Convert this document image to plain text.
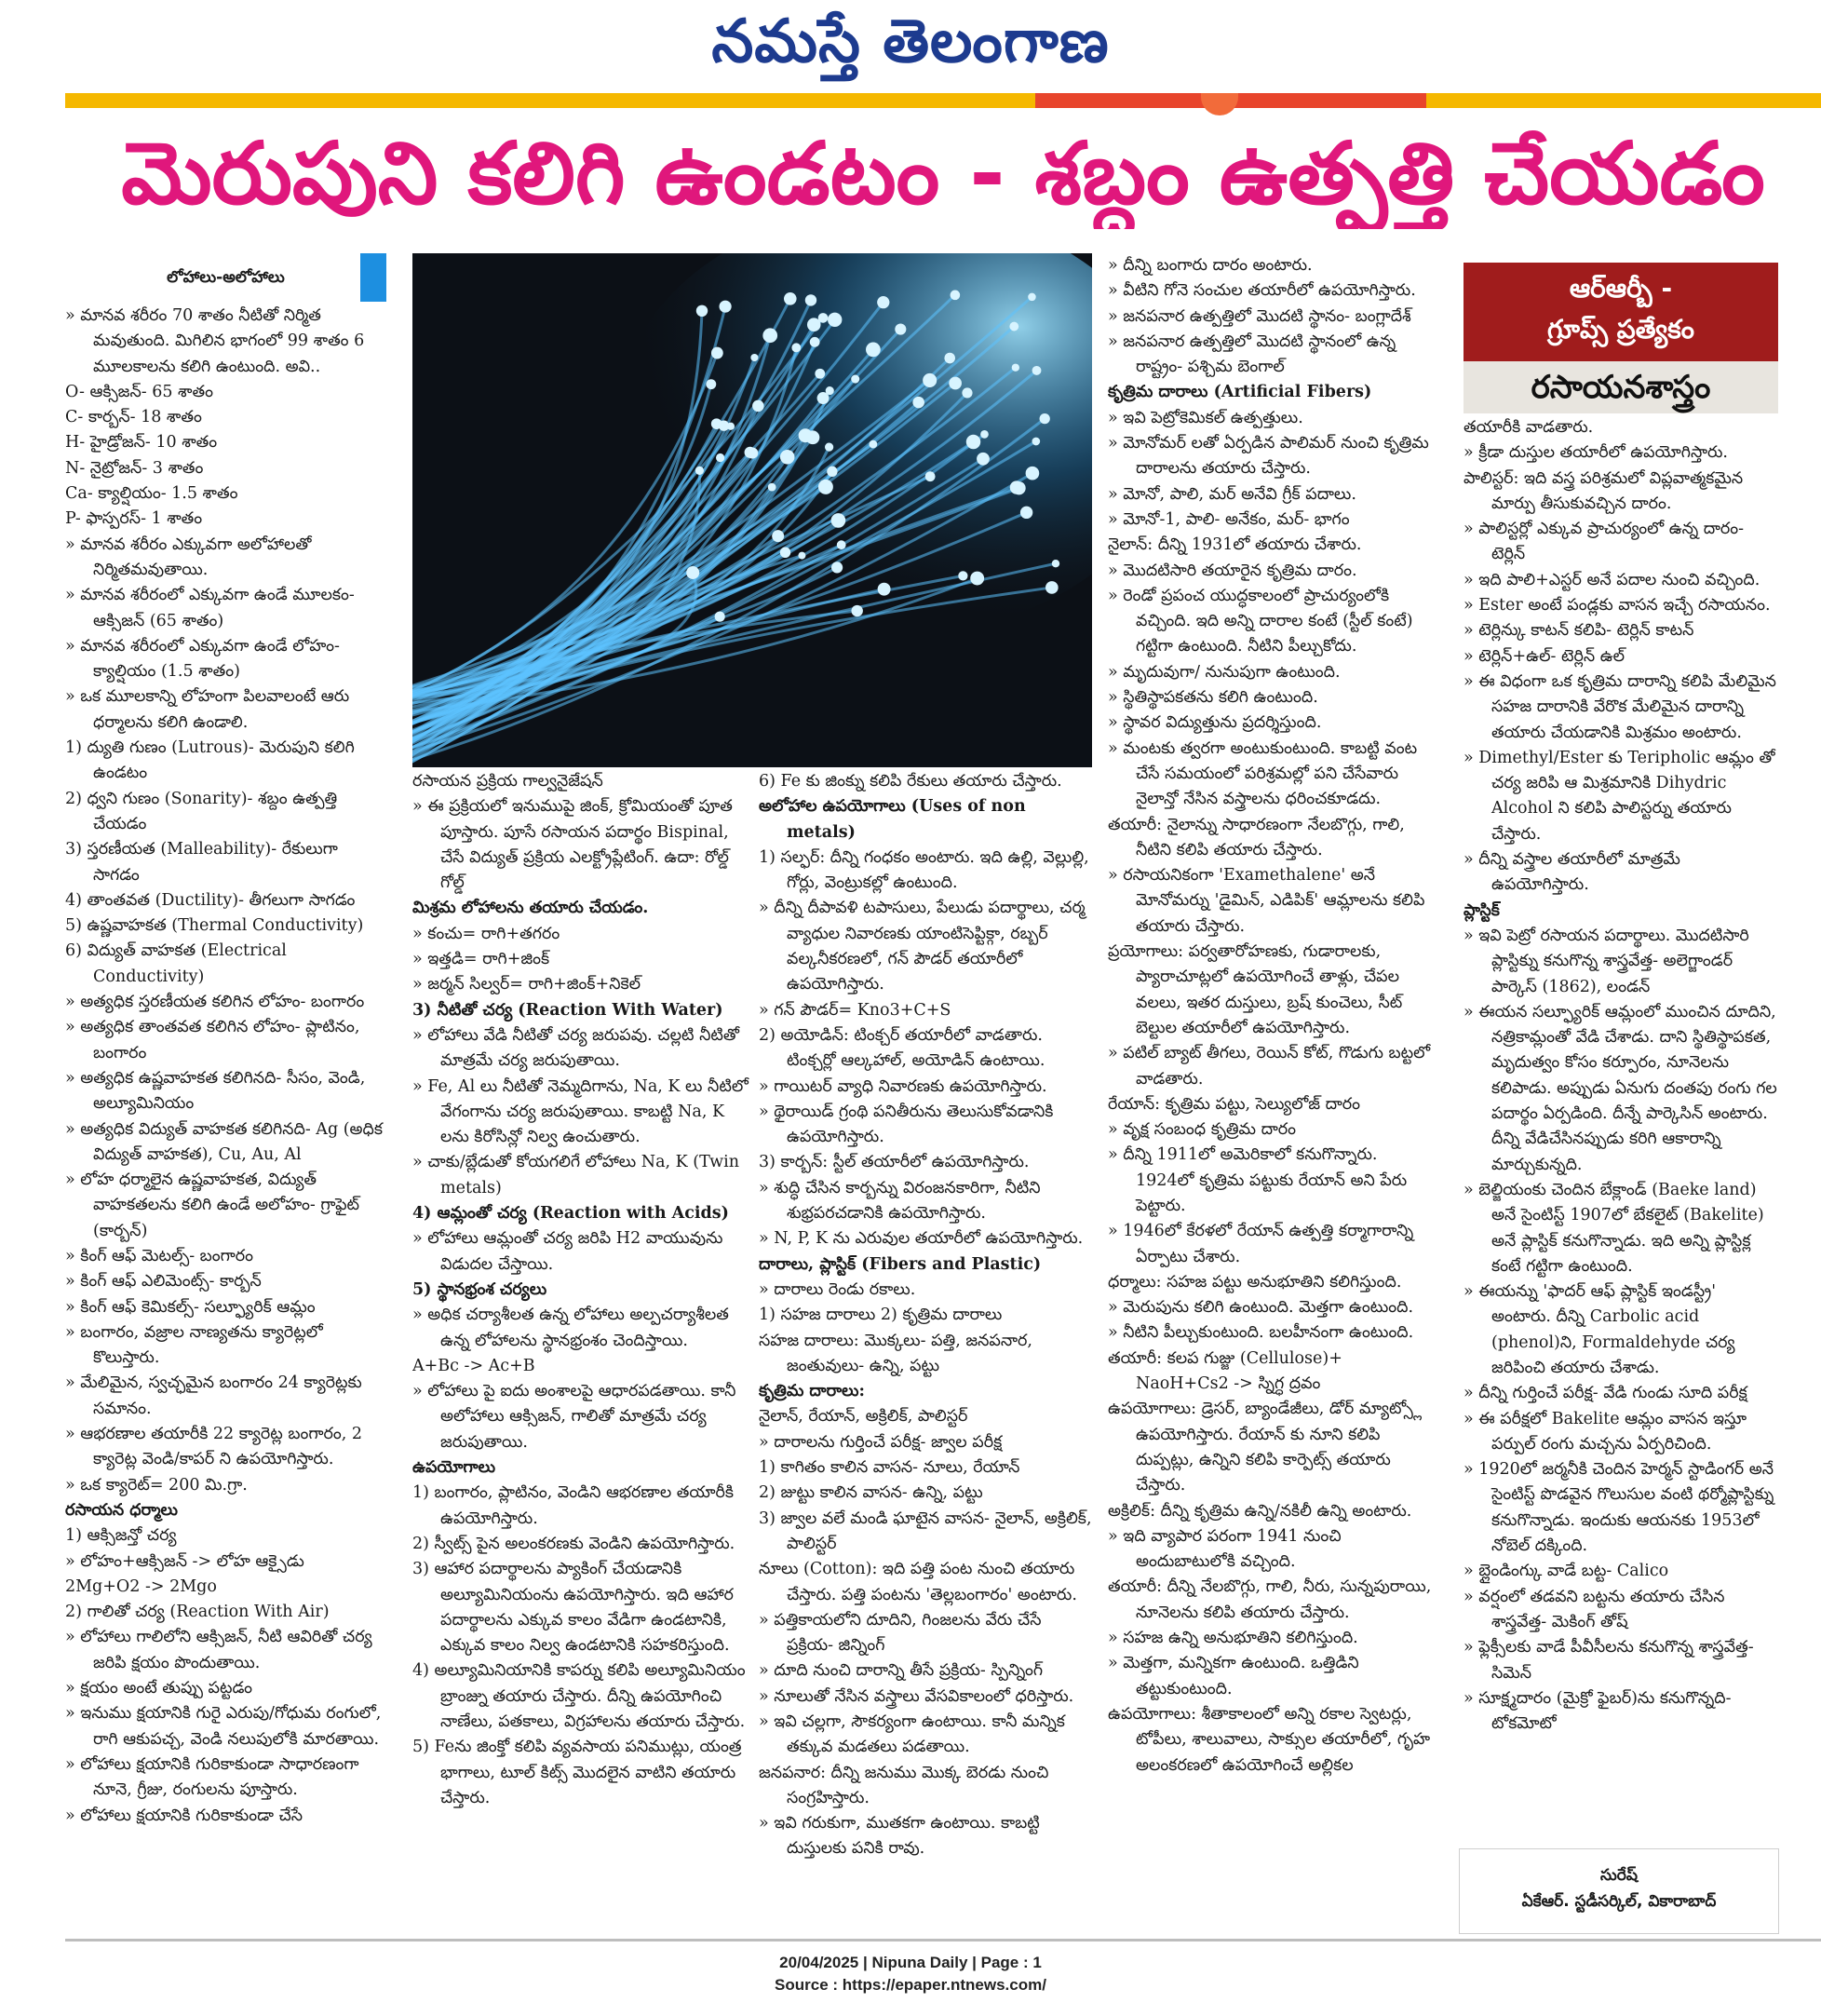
నమస్తే తెలంగాణ
మెరుపుని కలిగి ఉండటం - శబ్దం ఉత్పత్తి చేయడం
లోహాలు-అలోహాలు

» మానవ శరీరం 70 శాతం నీటితో నిర్మిత మవుతుంది. మిగిలిన భాగంలో 99 శాతం 6 మూలకాలను కలిగి ఉంటుంది. అవి..

O- ఆక్సిజన్- 65 శాతం

C- కార్బన్- 18 శాతం

H- హైడ్రోజన్- 10 శాతం

N- నైట్రోజన్- 3 శాతం

Ca- క్యాల్షియం- 1.5 శాతం

P- ఫాస్పరస్- 1 శాతం

» మానవ శరీరం ఎక్కువగా అలోహాలతో నిర్మితమవుతాయి.

» మానవ శరీరంలో ఎక్కువగా ఉండే మూలకం- ఆక్సిజన్ (65 శాతం)

» మానవ శరీరంలో ఎక్కువగా ఉండే లోహం- క్యాల్షియం (1.5 శాతం)

» ఒక మూలకాన్ని లోహంగా పిలవాలంటే ఆరు ధర్మాలను కలిగి ఉండాలి.

1) ద్యుతి గుణం (Lutrous)- మెరుపుని కలిగి ఉండటం

2) ధ్వని గుణం (Sonarity)- శబ్దం ఉత్పత్తి చేయడం

3) స్తరణీయత (Malleability)- రేకులుగా సాగడం

4) తాంతవత (Ductility)- తీగలుగా సాగడం

5) ఉష్ణవాహకత (Thermal Conductivity)

6) విద్యుత్ వాహకత (Electrical Conductivity)

» అత్యధిక స్తరణీయత కలిగిన లోహం- బంగారం

» అత్యధిక తాంతవత కలిగిన లోహం- ప్లాటినం, బంగారం

» అత్యధిక ఉష్ణవాహకత కలిగినది- సీసం, వెండి, అల్యూమినియం

» అత్యధిక విద్యుత్ వాహకత కలిగినది- Ag (అధిక విద్యుత్ వాహకత), Cu, Au, Al

» లోహ ధర్మాలైన ఉష్ణవాహకత, విద్యుత్ వాహకతలను కలిగి ఉండే అలోహం- గ్రాఫైట్ (కార్బన్)

» కింగ్ ఆఫ్ మెటల్స్- బంగారం

» కింగ్ ఆఫ్ ఎలిమెంట్స్- కార్బన్

» కింగ్ ఆఫ్ కెమికల్స్- సల్ఫ్యూరిక్ ఆమ్లం

» బంగారం, వజ్రాల నాణ్యతను క్యారెట్లలో కొలుస్తారు.

» మేలిమైన, స్వచ్ఛమైన బంగారం 24 క్యారెట్లకు సమానం.

» ఆభరణాల తయారీకి 22 క్యారెట్ల బంగారం, 2 క్యారెట్ల వెండి/కాపర్ ని ఉపయోగిస్తారు.

» ఒక క్యారెట్= 200 మి.గ్రా.

రసాయన ధర్మాలు

1) ఆక్సిజన్తో చర్య

» లోహం+ఆక్సిజన్ -> లోహ ఆక్సైడు

2Mg+O2 -> 2Mgo

2) గాలితో చర్య (Reaction With Air)

» లోహాలు గాలిలోని ఆక్సిజన్, నీటి ఆవిరితో చర్య జరిపి క్షయం పొందుతాయి.

» క్షయం అంటే తుప్పు పట్టడం

» ఇనుము క్షయానికి గురై ఎరుపు/గోధుమ రంగులో, రాగి ఆకుపచ్చ, వెండి నలుపులోకి మారతాయి.

» లోహాలు క్షయానికి గురికాకుండా సాధారణంగా నూనె, గ్రీజు, రంగులను పూస్తారు.

» లోహాలు క్షయానికి గురికాకుండా చేసే

రసాయన ప్రక్రియ గాల్వనైజేషన్

» ఈ ప్రక్రియలో ఇనుముపై జింక్, క్రోమియంతో పూత పూస్తారు. పూసే రసాయన పదార్థం Bispinal, చేసే విద్యుత్ ప్రక్రియ ఎలక్ట్రోప్లేటింగ్. ఉదా: రోల్డ్ గోల్డ్

మిశ్రమ లోహాలను తయారు చేయడం.

» కంచు= రాగి+తగరం

» ఇత్తడి= రాగి+జింక్

» జర్మన్ సిల్వర్= రాగి+జింక్+నికెల్

3) నీటితో చర్య (Reaction With Water)

» లోహాలు వేడి నీటితో చర్య జరుపవు. చల్లటి నీటితో మాత్రమే చర్య జరుపుతాయి.

» Fe, Al లు నీటితో నెమ్మదిగాను, Na, K లు నీటిలో వేగంగాను చర్య జరుపుతాయి. కాబట్టి Na, K లను కిరోసిన్లో నిల్వ ఉంచుతారు.

» చాకు/బ్లేడుతో కోయగలిగే లోహాలు Na, K (Twin metals)

4) ఆమ్లంతో చర్య (Reaction with Acids)

» లోహాలు ఆమ్లంతో చర్య జరిపి H2 వాయువును విడుదల చేస్తాయి.

5) స్థానభ్రంశ చర్యలు

» అధిక చర్యాశీలత ఉన్న లోహాలు అల్పచర్యాశీలత ఉన్న లోహాలను స్థానభ్రంశం చెందిస్తాయి.

A+Bc -> Ac+B

» లోహాలు పై ఐదు అంశాలపై ఆధారపడతాయి. కానీ అలోహాలు ఆక్సిజన్, గాలితో మాత్రమే చర్య జరుపుతాయి.

ఉపయోగాలు

1) బంగారం, ప్లాటినం, వెండిని ఆభరణాల తయారీకి ఉపయోగిస్తారు.

2) స్వీట్స్ పైన అలంకరణకు వెండిని ఉపయోగిస్తారు.

3) ఆహార పదార్థాలను ప్యాకింగ్ చేయడానికి అల్యూమినియంను ఉపయోగిస్తారు. ఇది ఆహార పదార్థాలను ఎక్కువ కాలం వేడిగా ఉండటానికి, ఎక్కువ కాలం నిల్వ ఉండటానికి సహకరిస్తుంది.

4) అల్యూమినియానికి కాపర్ను కలిపి అల్యూమినియం బ్రాంజ్ను తయారు చేస్తారు. దీన్ని ఉపయోగించి నాణేలు, పతకాలు, విగ్రహాలను తయారు చేస్తారు.

5) Feను జింక్తో కలిపి వ్యవసాయ పనిముట్లు, యంత్ర భాగాలు, టూల్ కిట్స్ మొదలైన వాటిని తయారు చేస్తారు.

6) Fe కు జింక్ను కలిపి రేకులు తయారు చేస్తారు.

అలోహాల ఉపయోగాలు (Uses of non metals)

1) సల్ఫర్: దీన్ని గంధకం అంటారు. ఇది ఉల్లి, వెల్లుల్లి, గోర్లు, వెంట్రుకల్లో ఉంటుంది.

» దీన్ని దీపావళి టపాసులు, పేలుడు పదార్థాలు, చర్మ వ్యాధుల నివారణకు యాంటిసెప్టిక్గా, రబ్బర్ వల్కనీకరణలో, గన్ పౌడర్ తయారీలో ఉపయోగిస్తారు.

» గన్ పౌడర్= Kno3+C+S

2) అయోడిన్: టింక్చర్ తయారీలో వాడతారు. టింక్చర్లో ఆల్కహాల్, అయోడిన్ ఉంటాయి.

» గాయిటర్ వ్యాధి నివారణకు ఉపయోగిస్తారు.

» థైరాయిడ్ గ్రంథి పనితీరును తెలుసుకోవడానికి ఉపయోగిస్తారు.

3) కార్బన్: స్టీల్ తయారీలో ఉపయోగిస్తారు.

» శుద్ధి చేసిన కార్బన్ను విరంజనకారిగా, నీటిని శుభ్రపరచడానికి ఉపయోగిస్తారు.

» N, P, K ను ఎరువుల తయారీలో ఉపయోగిస్తారు.

దారాలు, ప్లాస్టిక్ (Fibers and Plastic)

» దారాలు రెండు రకాలు.

1) సహజ దారాలు 2) కృత్రిమ దారాలు

సహజ దారాలు: మొక్కలు- పత్తి, జనపనార, జంతువులు- ఉన్ని, పట్టు

కృత్రిమ దారాలు:

నైలాన్, రేయాన్, అక్రిలిక్, పాలిస్టర్

» దారాలను గుర్తించే పరీక్ష- జ్వాల పరీక్ష

1) కాగితం కాలిన వాసన- నూలు, రేయాన్

2) జుట్టు కాలిన వాసన- ఉన్ని, పట్టు

3) జ్వాల వలే మండి ఘాటైన వాసన- నైలాన్, అక్రిలిక్, పాలిస్టర్

నూలు (Cotton): ఇది పత్తి పంట నుంచి తయారు చేస్తారు. పత్తి పంటను 'తెల్లబంగారం' అంటారు.

» పత్తికాయలోని దూదిని, గింజలను వేరు చేసే ప్రక్రియ- జిన్నింగ్

» దూది నుంచి దారాన్ని తీసే ప్రక్రియ- స్పిన్నింగ్

» నూలుతో నేసిన వస్త్రాలు వేసవికాలంలో ధరిస్తారు.

» ఇవి చల్లగా, సౌకర్యంగా ఉంటాయి. కానీ మన్నిక తక్కువ మడతలు పడతాయి.

జనపనార: దీన్ని జనుము మొక్క బెరడు నుంచి సంగ్రహిస్తారు.

» ఇవి గరుకుగా, ముతకగా ఉంటాయి. కాబట్టి దుస్తులకు పనికి రావు.

» దీన్ని బంగారు దారం అంటారు.

» వీటిని గోనె సంచుల తయారీలో ఉపయోగిస్తారు.

» జనపనార ఉత్పత్తిలో మొదటి స్థానం- బంగ్లాదేశ్

» జనపనార ఉత్పత్తిలో మొదటి స్థానంలో ఉన్న రాష్ట్రం- పశ్చిమ బెంగాల్

కృత్రిమ దారాలు (Artificial Fibers)

» ఇవి పెట్రోకెమికల్ ఉత్పత్తులు.

» మోనోమర్ లతో ఏర్పడిన పాలిమర్ నుంచి కృత్రిమ దారాలను తయారు చేస్తారు.

» మోనో, పాలి, మర్ అనేవి గ్రీక్ పదాలు.

» మోనో-1, పాలి- అనేకం, మర్- భాగం

నైలాన్: దీన్ని 1931లో తయారు చేశారు.

» మొదటిసారి తయారైన కృత్రిమ దారం.

» రెండో ప్రపంచ యుద్ధకాలంలో ప్రాచుర్యంలోకి వచ్చింది. ఇది అన్ని దారాల కంటే (స్టీల్ కంటే) గట్టిగా ఉంటుంది. నీటిని పీల్చుకోదు.

» మృదువుగా/ నునుపుగా ఉంటుంది.

» స్థితిస్థాపకతను కలిగి ఉంటుంది.

» స్థావర విద్యుత్తును ప్రదర్శిస్తుంది.

» మంటకు త్వరగా అంటుకుంటుంది. కాబట్టి వంట చేసే సమయంలో పరిశ్రమల్లో పని చేసేవారు నైలాన్తో నేసిన వస్త్రాలను ధరించకూడదు.

తయారీ: నైలాన్ను సాధారణంగా నేలబొగ్గు, గాలి, నీటిని కలిపి తయారు చేస్తారు.

» రసాయనికంగా 'Examethalene' అనే మోనోమర్ను 'డైమిన్, ఎడిపిక్' ఆమ్లాలను కలిపి తయారు చేస్తారు.

ప్రయోగాలు: పర్వతారోహణకు, గుడారాలకు, ప్యారాచూట్లలో ఉపయోగించే తాళ్లు, చేపల వలలు, ఇతర దుస్తులు, బ్రష్ కుంచెలు, సీట్ బెల్టుల తయారీలో ఉపయోగిస్తారు.

» పటిల్ బ్యాట్ తీగలు, రెయిన్ కోట్, గొడుగు బట్టలో వాడతారు.

రేయాన్: కృత్రిమ పట్టు, సెల్యులోజ్ దారం

» వృక్ష సంబంధ కృత్రిమ దారం

» దీన్ని 1911లో అమెరికాలో కనుగొన్నారు. 1924లో కృత్రిమ పట్టుకు రేయాన్ అని పేరు పెట్టారు.

» 1946లో కేరళలో రేయాన్ ఉత్పత్తి కర్మాగారాన్ని ఏర్పాటు చేశారు.

ధర్మాలు: సహజ పట్టు అనుభూతిని కలిగిస్తుంది.

» మెరుపును కలిగి ఉంటుంది. మెత్తగా ఉంటుంది.

» నీటిని పీల్చుకుంటుంది. బలహీనంగా ఉంటుంది.

తయారీ: కలప గుజ్జు (Cellulose)+ NaoH+Cs2 -> స్నిగ్ధ ద్రవం

ఉపయోగాలు: డ్రెసర్, బ్యాండేజీలు, డోర్ మ్యాట్స్లో ఉపయోగిస్తారు. రేయాన్ కు నూని కలిపి దుప్పట్లు, ఉన్నిని కలిపి కార్పెట్స్ తయారు చేస్తారు.

అక్రిలిక్: దీన్ని కృత్రిమ ఉన్ని/నకిలీ ఉన్ని అంటారు.

» ఇది వ్యాపార పరంగా 1941 నుంచి అందుబాటులోకి వచ్చింది.

తయారీ: దీన్ని నేలబొగ్గు, గాలి, నీరు, సున్నపురాయి, నూనెలను కలిపి తయారు చేస్తారు.

» సహజ ఉన్ని అనుభూతిని కలిగిస్తుంది.

» మెత్తగా, మన్నికగా ఉంటుంది. ఒత్తిడిని తట్టుకుంటుంది.

ఉపయోగాలు: శీతాకాలంలో అన్ని రకాల స్వెటర్లు, టోపీలు, శాలువాలు, సాక్సుల తయారీలో, గృహ అలంకరణలో ఉపయోగించే అల్లికల

ఆర్ఆర్బీ -
గ్రూప్స్ ప్రత్యేకం
రసాయనశాస్త్రం

తయారీకి వాడతారు.

» క్రీడా దుస్తుల తయారీలో ఉపయోగిస్తారు.

పాలిస్టర్: ఇది వస్త్ర పరిశ్రమలో విప్లవాత్మకమైన మార్పు తీసుకువచ్చిన దారం.

» పాలిస్టర్లో ఎక్కువ ప్రాచుర్యంలో ఉన్న దారం- టెర్లిన్

» ఇది పాలి+ఎస్టర్ అనే పదాల నుంచి వచ్చింది.

» Ester అంటే పండ్లకు వాసన ఇచ్చే రసాయనం.

» టెర్లిన్కు కాటన్ కలిపి- టెర్లిన్ కాటన్

» టెర్లిన్+ఉల్- టెర్లిన్ ఉల్

» ఈ విధంగా ఒక కృత్రిమ దారాన్ని కలిపి మేలిమైన సహజ దారానికి వేరొక మేలిమైన దారాన్ని తయారు చేయడానికి మిశ్రమం అంటారు.

» Dimethyl/Ester కు Teripholic ఆమ్లం తో చర్య జరిపి ఆ మిశ్రమానికి Dihydric Alcohol ని కలిపి పాలిస్టర్ను తయారు చేస్తారు.

» దీన్ని వస్త్రాల తయారీలో మాత్రమే ఉపయోగిస్తారు.

ప్లాస్టిక్

» ఇవి పెట్రో రసాయన పదార్థాలు. మొదటిసారి ప్లాస్టిక్ను కనుగొన్న శాస్త్రవేత్త- అలెగ్జాండర్ పార్కెస్ (1862), లండన్

» ఈయన సల్ఫ్యూరిక్ ఆమ్లంలో ముంచిన దూదిని, నత్రికామ్లంతో వేడి చేశాడు. దాని స్థితిస్థాపకత, మృదుత్వం కోసం కర్పూరం, నూనెలను కలిపాడు. అప్పుడు ఏనుగు దంతపు రంగు గల పదార్థం ఏర్పడింది. దీన్నే పార్కెసిన్ అంటారు. దీన్ని వేడిచేసినప్పుడు కరిగి ఆకారాన్ని మార్చుకున్నది.

» బెల్జియంకు చెందిన బేక్లాండ్ (Baeke land) అనే సైంటిస్ట్ 1907లో బేకలైట్ (Bakelite) అనే ప్లాస్టిక్ కనుగొన్నాడు. ఇది అన్ని ప్లాస్టిక్ల కంటే గట్టిగా ఉంటుంది.

» ఈయన్ను 'ఫాదర్ ఆఫ్ ప్లాస్టిక్ ఇండస్ట్రీ' అంటారు. దీన్ని Carbolic acid (phenol)ని, Formaldehyde చర్య జరిపించి తయారు చేశాడు.

» దీన్ని గుర్తించే పరీక్ష- వేడి గుండు సూది పరీక్ష

» ఈ పరీక్షలో Bakelite ఆమ్లం వాసన ఇస్తూ పర్పుల్ రంగు మచ్చను ఏర్పరిచింది.

» 1920లో జర్మనీకి చెందిన హెర్మన్ స్టాడింగర్ అనే సైంటిస్ట్ పొడవైన గొలుసుల వంటి థర్మోప్లాస్టిక్ను కనుగొన్నాడు. ఇందుకు ఆయనకు 1953లో నోబెల్ దక్కింది.

» బ్లైండింగ్కు వాడే బట్ట- Calico

» వర్షంలో తడవని బట్టను తయారు చేసిన శాస్త్రవేత్త- మెకింగ్ తోష్

» ఫ్లెక్సీలకు వాడే పీవీసీలను కనుగొన్న శాస్త్రవేత్త- సిమెన్

» సూక్ష్మదారం (మైక్రో ఫైబర్)ను కనుగొన్నది- టోకమోటో

సురేష్
ఏకేఆర్. స్టడీసర్కిల్, వికారాబాద్
20/04/2025 | Nipuna Daily | Page : 1
Source : https://epaper.ntnews.com/
